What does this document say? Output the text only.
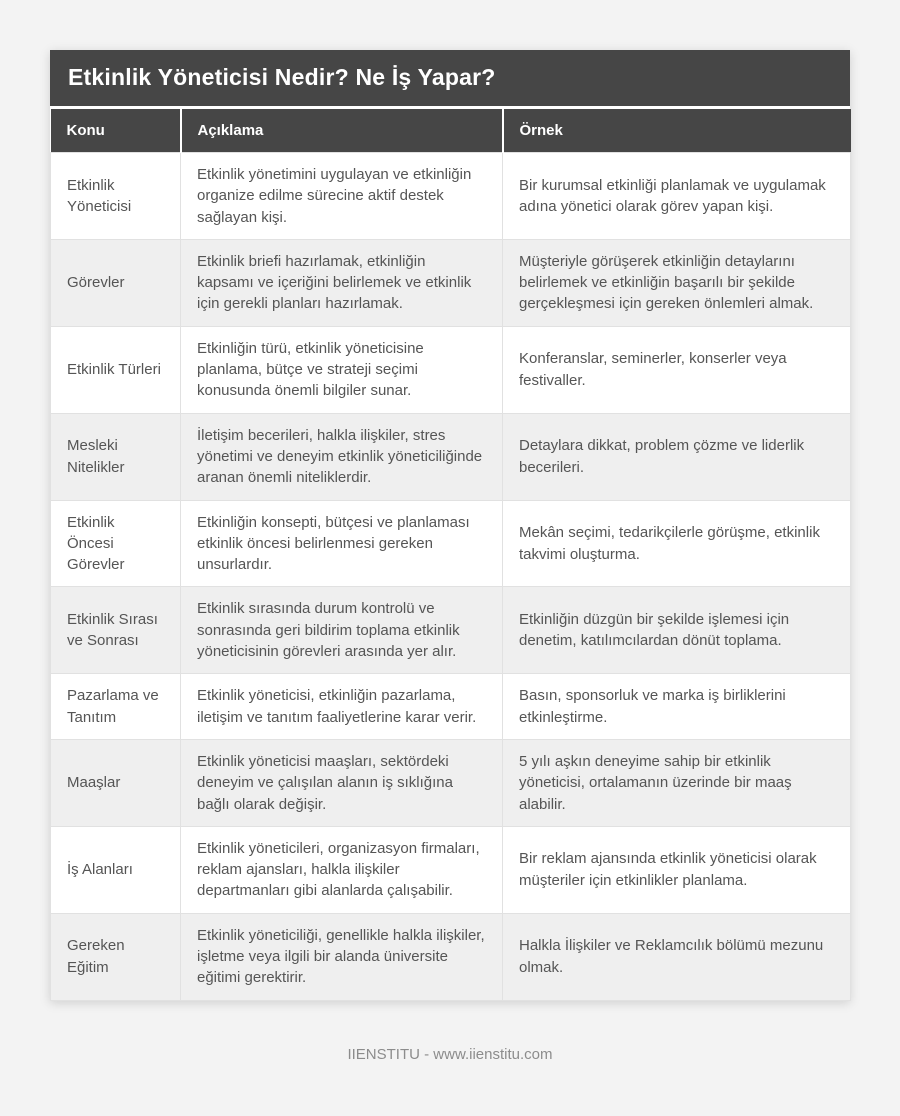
Etkinlik Yöneticisi Nedir? Ne İş Yapar?
Konu	Açıklama	Örnek
Etkinlik Yöneticisi	Etkinlik yönetimini uygulayan ve etkinliğin organize edilme sürecine aktif destek sağlayan kişi.	Bir kurumsal etkinliği planlamak ve uygulamak adına yönetici olarak görev yapan kişi.
Görevler	Etkinlik briefi hazırlamak, etkinliğin kapsamı ve içeriğini belirlemek ve etkinlik için gerekli planları hazırlamak.	Müşteriyle görüşerek etkinliğin detaylarını belirlemek ve etkinliğin başarılı bir şekilde gerçekleşmesi için gereken önlemleri almak.
Etkinlik Türleri	Etkinliğin türü, etkinlik yöneticisine planlama, bütçe ve strateji seçimi konusunda önemli bilgiler sunar.	Konferanslar, seminerler, konserler veya festivaller.
Mesleki Nitelikler	İletişim becerileri, halkla ilişkiler, stres yönetimi ve deneyim etkinlik yöneticiliğinde aranan önemli niteliklerdir.	Detaylara dikkat, problem çözme ve liderlik becerileri.
Etkinlik Öncesi Görevler	Etkinliğin konsepti, bütçesi ve planlaması etkinlik öncesi belirlenmesi gereken unsurlardır.	Mekân seçimi, tedarikçilerle görüşme, etkinlik takvimi oluşturma.
Etkinlik Sırası ve Sonrası	Etkinlik sırasında durum kontrolü ve sonrasında geri bildirim toplama etkinlik yöneticisinin görevleri arasında yer alır.	Etkinliğin düzgün bir şekilde işlemesi için denetim, katılımcılardan dönüt toplama.
Pazarlama ve Tanıtım	Etkinlik yöneticisi, etkinliğin pazarlama, iletişim ve tanıtım faaliyetlerine karar verir.	Basın, sponsorluk ve marka iş birliklerini etkinleştirme.
Maaşlar	Etkinlik yöneticisi maaşları, sektördeki deneyim ve çalışılan alanın iş sıklığına bağlı olarak değişir.	5 yılı aşkın deneyime sahip bir etkinlik yöneticisi, ortalamanın üzerinde bir maaş alabilir.
İş Alanları	Etkinlik yöneticileri, organizasyon firmaları, reklam ajansları, halkla ilişkiler departmanları gibi alanlarda çalışabilir.	Bir reklam ajansında etkinlik yöneticisi olarak müşteriler için etkinlikler planlama.
Gereken Eğitim	Etkinlik yöneticiliği, genellikle halkla ilişkiler, işletme veya ilgili bir alanda üniversite eğitimi gerektirir.	Halkla İlişkiler ve Reklamcılık bölümü mezunu olmak.
IIENSTITU - www.iienstitu.com
